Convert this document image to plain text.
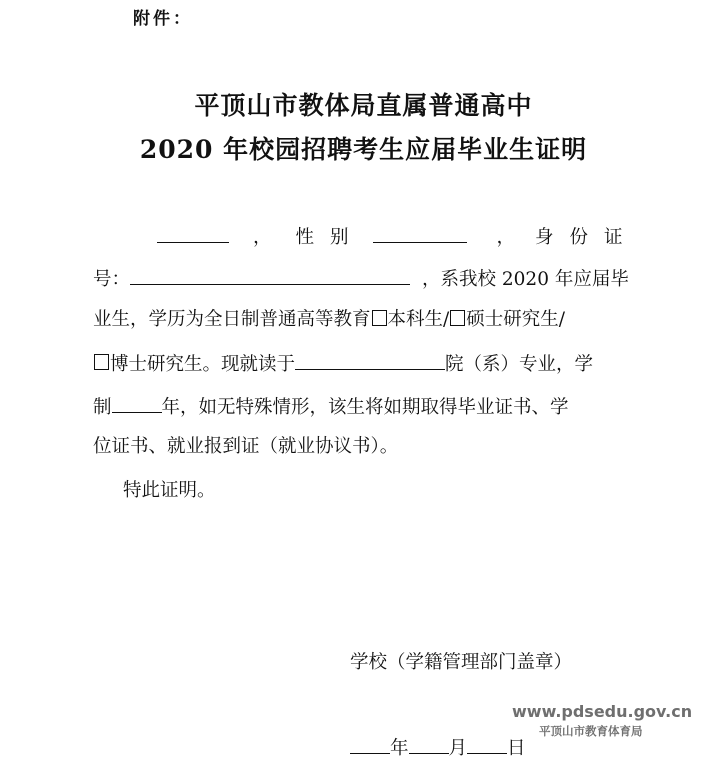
附件：
平顶山市教体局直属普通高中
2020 年校园招聘考生应届毕业生证明
， 性别	， 身份证
号：	，系我校 2020 年应届毕
业生，学历为全日制普通高等教育 本科生/ 硕士研究生/
博士研究生。现就读于	院（系）专业，学
制	年，如无特殊情形，该生将如期取得毕业证书、学
位证书、就业报到证（就业协议书）。
特此证明。
学校（学籍管理部门盖章）
www.pdsedu.gov.cn
平顶山市教育体育局
年 月 日
